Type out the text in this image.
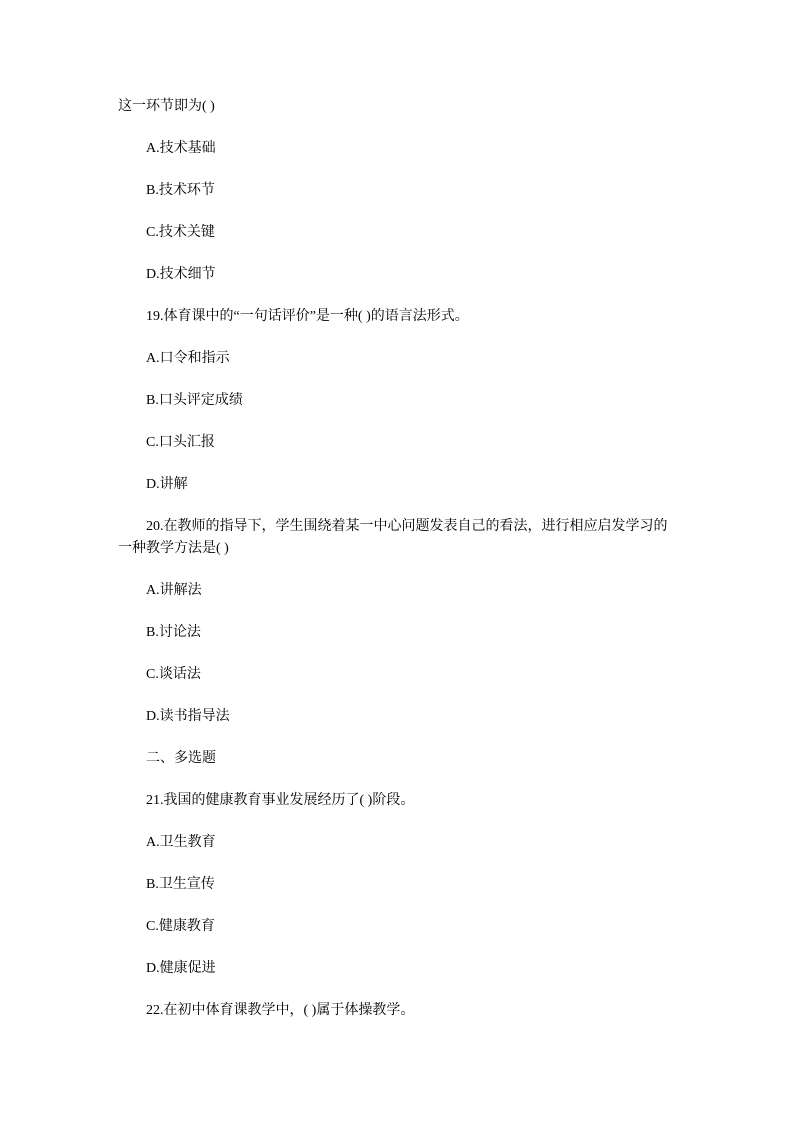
这一环节即为( )

A.技术基础

B.技术环节

C.技术关键

D.技术细节

19.体育课中的“一句话评价”是一种( )的语言法形式。

A.口令和指示

B.口头评定成绩

C.口头汇报

D.讲解

20.在教师的指导下，学生围绕着某一中心问题发表自己的看法，进行相应启发学习的一种教学方法是( )

A.讲解法

B.讨论法

C.谈话法

D.读书指导法

二、多选题

21.我国的健康教育事业发展经历了( )阶段。

A.卫生教育

B.卫生宣传

C.健康教育

D.健康促进

22.在初中体育课教学中，( )属于体操教学。
